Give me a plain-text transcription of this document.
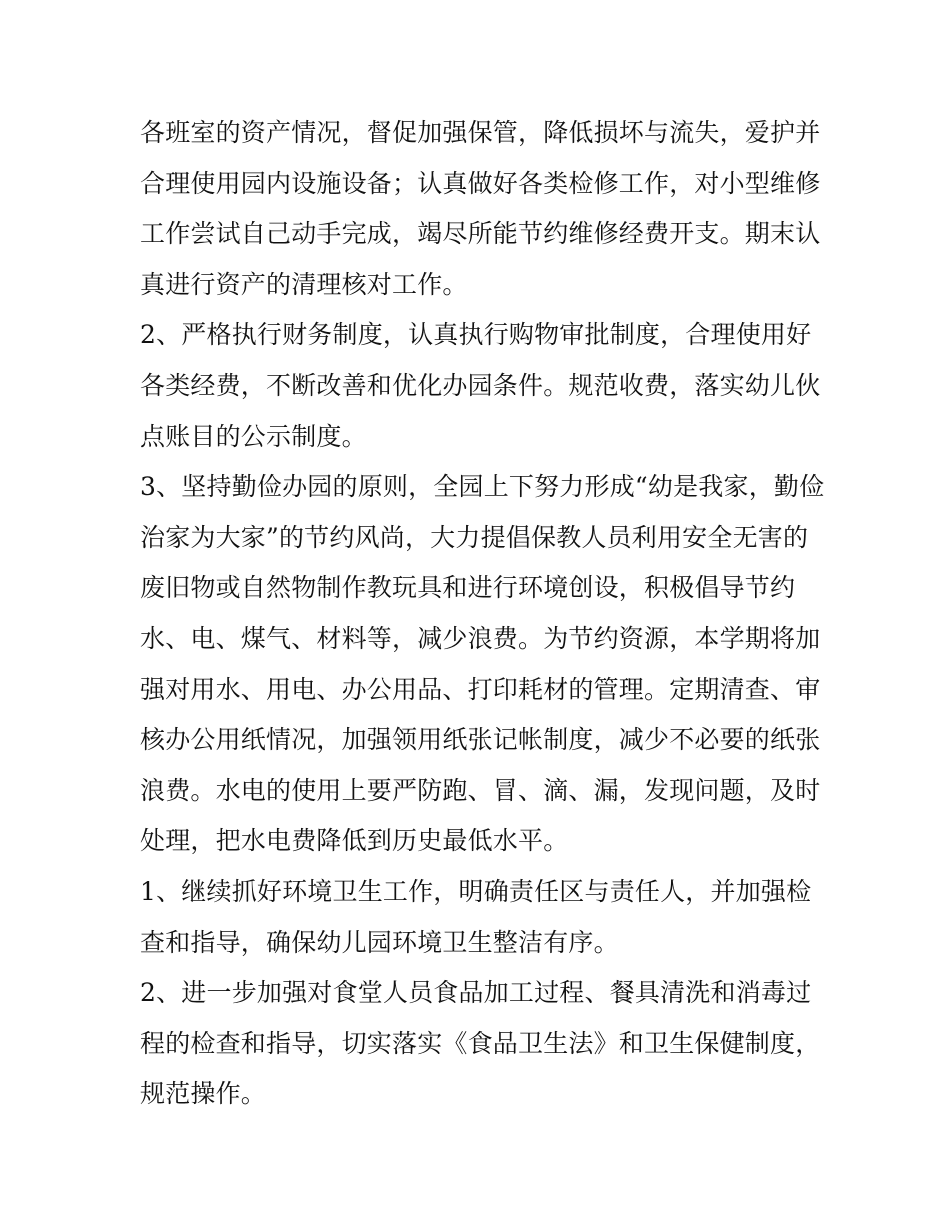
各班室的资产情况，督促加强保管，降低损坏与流失，爱护并
合理使用园内设施设备；认真做好各类检修工作，对小型维修
工作尝试自己动手完成，竭尽所能节约维修经费开支。期末认
真进行资产的清理核对工作。
2、严格执行财务制度，认真执行购物审批制度，合理使用好
各类经费，不断改善和优化办园条件。规范收费，落实幼儿伙
点账目的公示制度。
3、坚持勤俭办园的原则，全园上下努力形成“幼是我家，勤俭
治家为大家”的节约风尚，大力提倡保教人员利用安全无害的
废旧物或自然物制作教玩具和进行环境创设，积极倡导节约
水、电、煤气、材料等，减少浪费。为节约资源，本学期将加
强对用水、用电、办公用品、打印耗材的管理。定期清查、审
核办公用纸情况，加强领用纸张记帐制度，减少不必要的纸张
浪费。水电的使用上要严防跑、冒、滴、漏，发现问题，及时
处理，把水电费降低到历史最低水平。
1、继续抓好环境卫生工作，明确责任区与责任人，并加强检
查和指导，确保幼儿园环境卫生整洁有序。
2、进一步加强对食堂人员食品加工过程、餐具清洗和消毒过
程的检查和指导，切实落实《食品卫生法》和卫生保健制度，
规范操作。
